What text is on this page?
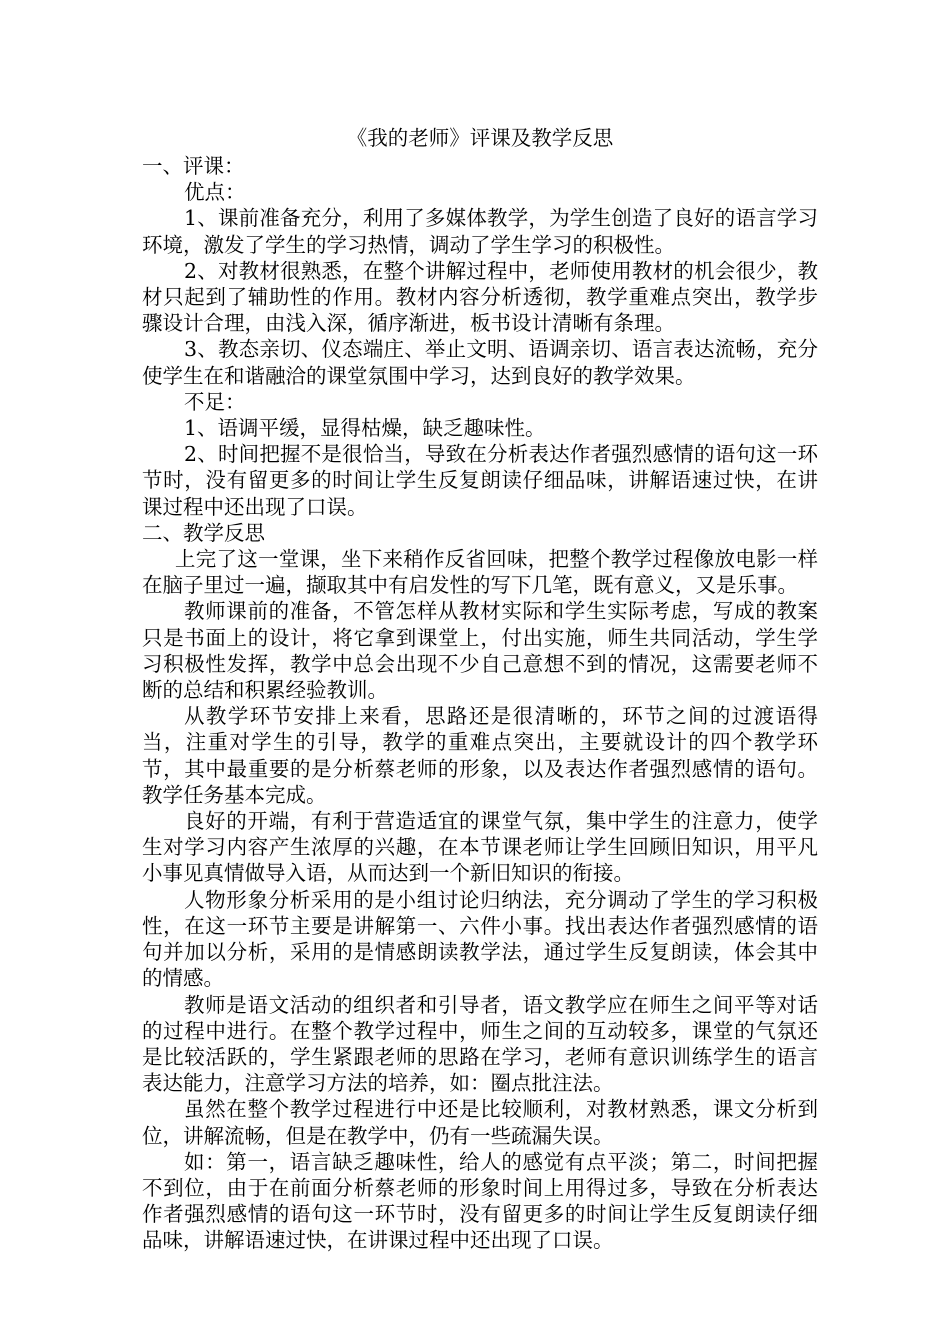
《我的老师》评课及教学反思
一、评课：

优点：

1、课前准备充分，利用了多媒体教学，为学生创造了良好的语言学习环境，激发了学生的学习热情，调动了学生学习的积极性。

2、对教材很熟悉，在整个讲解过程中，老师使用教材的机会很少，教材只起到了辅助性的作用。教材内容分析透彻，教学重难点突出，教学步骤设计合理，由浅入深，循序渐进，板书设计清晰有条理。

3、教态亲切、仪态端庄、举止文明、语调亲切、语言表达流畅，充分使学生在和谐融洽的课堂氛围中学习，达到良好的教学效果。

不足：

1、语调平缓，显得枯燥，缺乏趣味性。

2、时间把握不是很恰当，导致在分析表达作者强烈感情的语句这一环节时，没有留更多的时间让学生反复朗读仔细品味，讲解语速过快，在讲课过程中还出现了口误。

二、教学反思

上完了这一堂课，坐下来稍作反省回味，把整个教学过程像放电影一样在脑子里过一遍，撷取其中有启发性的写下几笔，既有意义，又是乐事。

教师课前的准备，不管怎样从教材实际和学生实际考虑，写成的教案只是书面上的设计，将它拿到课堂上，付出实施，师生共同活动，学生学习积极性发挥，教学中总会出现不少自己意想不到的情况，这需要老师不断的总结和积累经验教训。

从教学环节安排上来看，思路还是很清晰的，环节之间的过渡语得当，注重对学生的引导，教学的重难点突出，主要就设计的四个教学环节，其中最重要的是分析蔡老师的形象，以及表达作者强烈感情的语句。教学任务基本完成。

良好的开端，有利于营造适宜的课堂气氛，集中学生的注意力，使学生对学习内容产生浓厚的兴趣，在本节课老师让学生回顾旧知识，用平凡小事见真情做导入语，从而达到一个新旧知识的衔接。

人物形象分析采用的是小组讨论归纳法，充分调动了学生的学习积极性，在这一环节主要是讲解第一、六件小事。找出表达作者强烈感情的语句并加以分析，采用的是情感朗读教学法，通过学生反复朗读，体会其中的情感。

教师是语文活动的组织者和引导者，语文教学应在师生之间平等对话的过程中进行。在整个教学过程中，师生之间的互动较多，课堂的气氛还是比较活跃的，学生紧跟老师的思路在学习，老师有意识训练学生的语言表达能力，注意学习方法的培养，如：圈点批注法。

虽然在整个教学过程进行中还是比较顺利，对教材熟悉，课文分析到位，讲解流畅，但是在教学中，仍有一些疏漏失误。

如：第一，语言缺乏趣味性，给人的感觉有点平淡；第二，时间把握不到位，由于在前面分析蔡老师的形象时间上用得过多，导致在分析表达作者强烈感情的语句这一环节时，没有留更多的时间让学生反复朗读仔细品味，讲解语速过快，在讲课过程中还出现了口误。
